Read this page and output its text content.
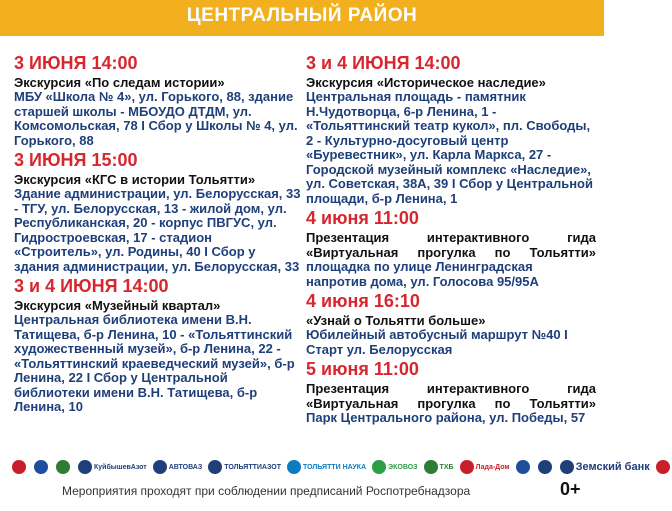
ЦЕНТРАЛЬНЫЙ РАЙОН
3 ИЮНЯ 14:00
Экскурсия «По следам истории»
МБУ «Школа № 4», ул. Горького, 88, здание старшей школы - МБОУДО ДТДМ, ул. Комсомольская, 78 I Сбор у Школы № 4, ул. Горького, 88
3 ИЮНЯ 15:00
Экскурсия «КГС в истории Тольятти»
Здание администрации, ул. Белорусская, 33 - ТГУ, ул. Белорусская, 13 - жилой дом, ул. Республиканская, 20 - корпус ПВГУС, ул. Гидростроевская, 17 - стадион «Строитель», ул. Родины, 40 I Сбор у здания администрации, ул. Белорусская, 33
3 и 4 ИЮНЯ 14:00
Экскурсия «Музейный квартал»
Центральная библиотека имени В.Н. Татищева, б-р Ленина, 10 - «Тольяттинский художественный музей», б-р Ленина, 22 - «Тольяттинский краеведческий музей», б-р Ленина, 22 I Сбор у Центральной библиотеки имени В.Н. Татищева, б-р Ленина, 10
3 и 4 ИЮНЯ 14:00
Экскурсия «Историческое наследие»
Центральная площадь - памятник Н.Чудотворца, 6-р Ленина, 1 - «Тольяттинский театр кукол», пл. Свободы, 2 - Культурно-досуговый центр «Буревестник», ул. Карла Маркса, 27 - Городской музейный комплекс «Наследие», ул. Советская, 38А, 39 I Сбор у Центральной площади, б-р Ленина, 1
4 июня 11:00
Презентация интерактивного гида «Виртуальная прогулка по Тольятти»
площадка по улице Ленинградская напротив дома, ул. Голосова 95/95А
4 июня 16:10
«Узнай о Тольятти больше»
Юбилейный автобусный маршрут №40 I Старт ул. Белорусская
5 июня 11:00
Презентация интерактивного гида «Виртуальная прогулка по Тольятти»
Парк Центрального района, ул. Победы, 57
КуйбышевАзот	АВТОВАЗ	ТОЛЬЯТТИАЗОТ	ТОЛЬЯТТИ НАУКА	ЭКОВОЗ	ТХБ	Лада-Дом	Земский банк
Мероприятия проходят при соблюдении предписаний Роспотребнадзора	0+
